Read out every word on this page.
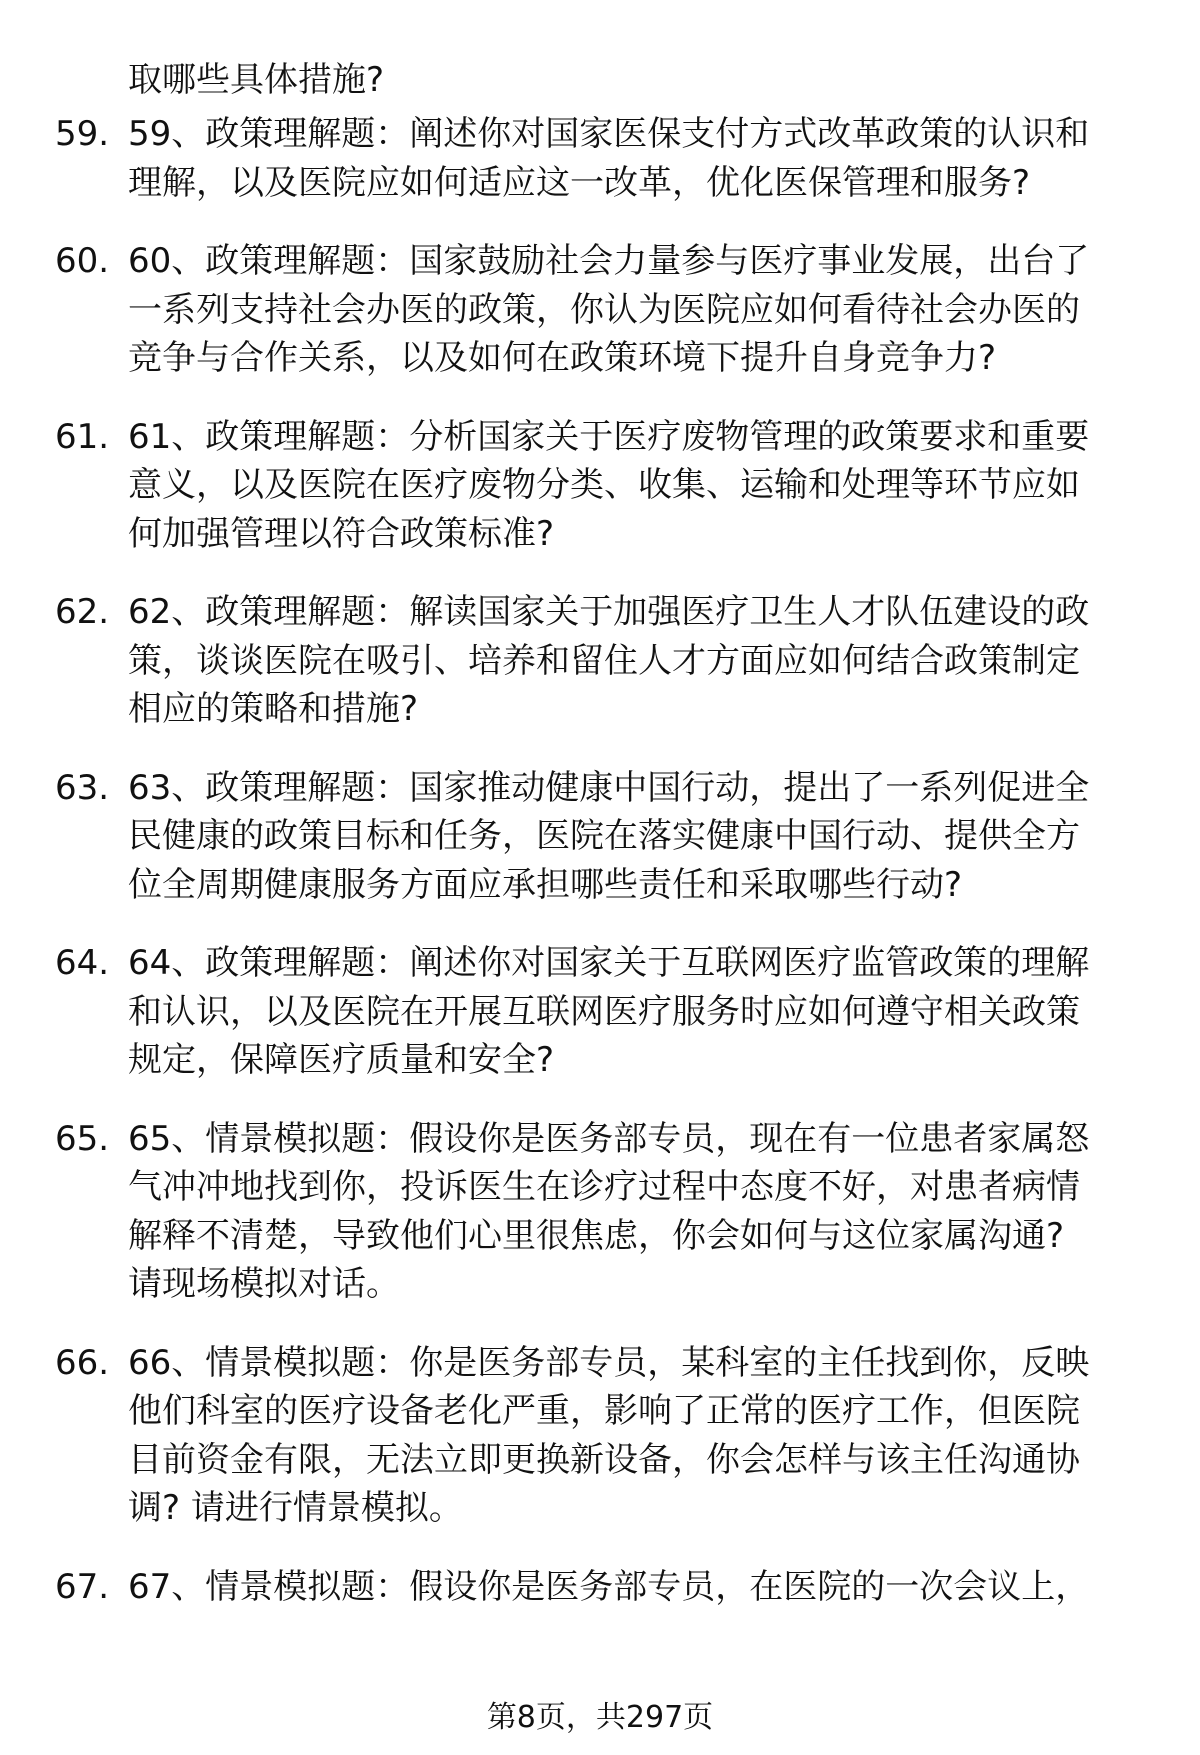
取哪些具体措施?
59. 59、政策理解题：阐述你对国家医保支付方式改革政策的认识和
理解，以及医院应如何适应这一改革，优化医保管理和服务?
60. 60、政策理解题：国家鼓励社会力量参与医疗事业发展，出台了
一系列支持社会办医的政策，你认为医院应如何看待社会办医的
竞争与合作关系，以及如何在政策环境下提升自身竞争力?
61. 61、政策理解题：分析国家关于医疗废物管理的政策要求和重要
意义，以及医院在医疗废物分类、收集、运输和处理等环节应如
何加强管理以符合政策标准?
62. 62、政策理解题：解读国家关于加强医疗卫生人才队伍建设的政
策，谈谈医院在吸引、培养和留住人才方面应如何结合政策制定
相应的策略和措施?
63. 63、政策理解题：国家推动健康中国行动，提出了一系列促进全
民健康的政策目标和任务，医院在落实健康中国行动、提供全方
位全周期健康服务方面应承担哪些责任和采取哪些行动?
64. 64、政策理解题：阐述你对国家关于互联网医疗监管政策的理解
和认识，以及医院在开展互联网医疗服务时应如何遵守相关政策
规定，保障医疗质量和安全?
65. 65、情景模拟题：假设你是医务部专员，现在有一位患者家属怒
气冲冲地找到你，投诉医生在诊疗过程中态度不好，对患者病情
解释不清楚，导致他们心里很焦虑，你会如何与这位家属沟通?
请现场模拟对话。
66. 66、情景模拟题：你是医务部专员，某科室的主任找到你，反映
他们科室的医疗设备老化严重，影响了正常的医疗工作，但医院
目前资金有限，无法立即更换新设备，你会怎样与该主任沟通协
调? 请进行情景模拟。
67. 67、情景模拟题：假设你是医务部专员，在医院的一次会议上，
第8页，共297页
